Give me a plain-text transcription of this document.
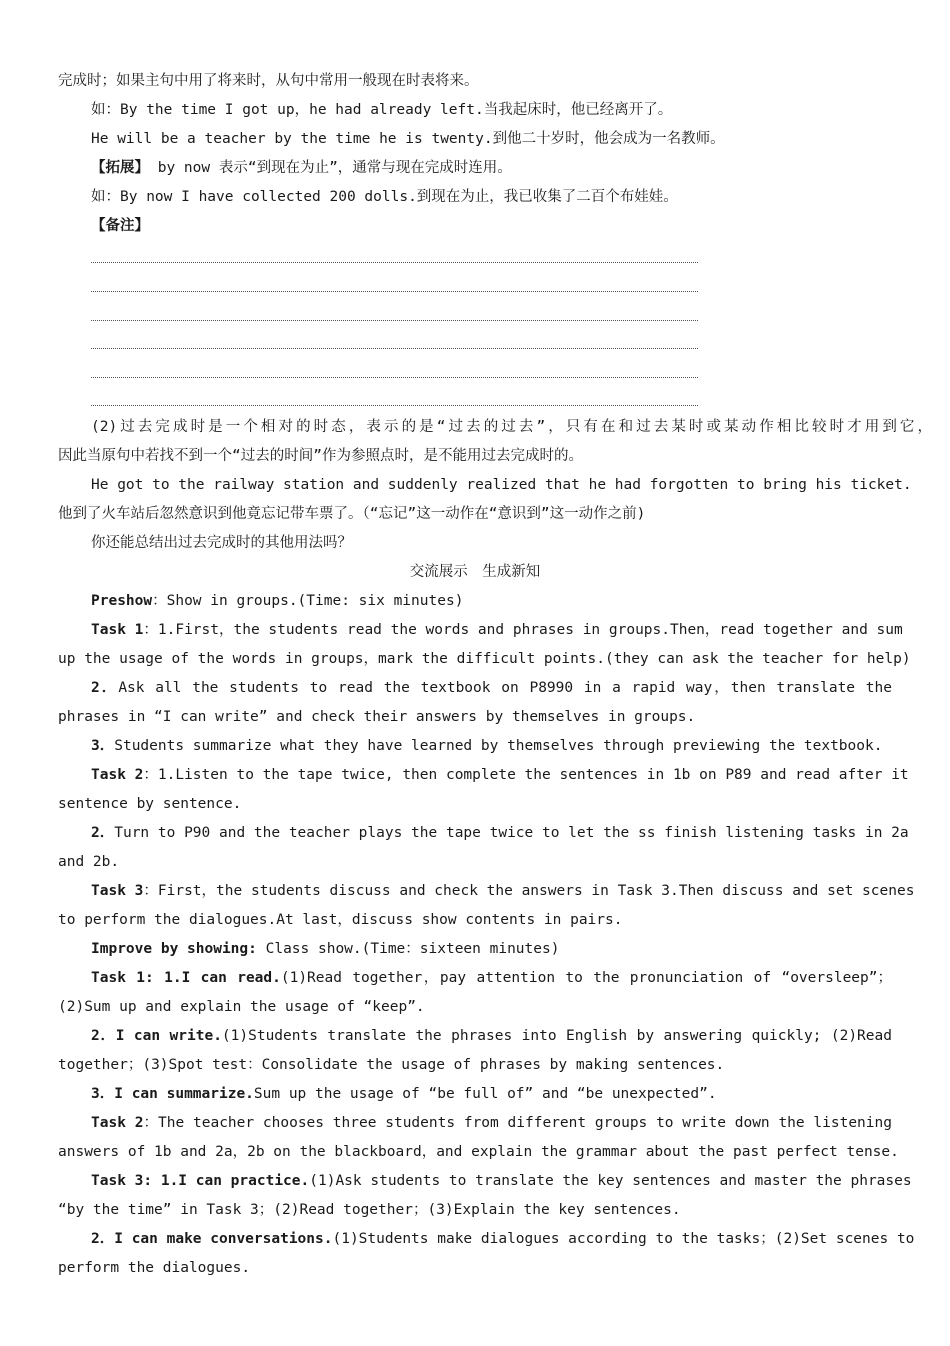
完成时；如果主句中用了将来时，从句中常用一般现在时表将来。
如：By the time I got up，he had already left.当我起床时，他已经离开了。
He will be a teacher by the time he is twenty.到他二十岁时，他会成为一名教师。
【拓展】 by now 表示“到现在为止”，通常与现在完成时连用。
如：By now I have collected 200 dolls.到现在为止，我已收集了二百个布娃娃。
【备注】
(2)过去完成时是一个相对的时态，表示的是“过去的过去”，只有在和过去某时或某动作相比较时才用到它，
因此当原句中若找不到一个“过去的时间”作为参照点时，是不能用过去完成时的。
He got to the railway station and suddenly realized that he had forgotten to bring his ticket.
他到了火车站后忽然意识到他竟忘记带车票了。（“忘记”这一动作在“意识到”这一动作之前)
你还能总结出过去完成时的其他用法吗？
交流展示　生成新知
Preshow：Show in groups.(Time: six minutes)
Task 1：1.First，the students read the words and phrases in groups.Then，read together and sum
up the usage of the words in groups，mark the difficult points.(they can ask the teacher for help)
2．Ask all the students to read the textbook on P8990 in a rapid way，then translate the
phrases in “I can write” and check their answers by themselves in groups.
3．Students summarize what they have learned by themselves through previewing the textbook.
Task 2：1.Listen to the tape twice, then complete the sentences in 1b on P89 and read after it
sentence by sentence.
2．Turn to P90 and the teacher plays the tape twice to let the ss finish listening tasks in 2a
and 2b.
Task 3：First，the students discuss and check the answers in Task 3.Then discuss and set scenes
to perform the dialogues.At last，discuss show contents in pairs.
Improve by showing: Class show.(Time：sixteen minutes)
Task 1: 1.I can read.(1)Read together，pay attention to the pronunciation of “oversleep”；
(2)Sum up and explain the usage of “keep”.
2．I can write.(1)Students translate the phrases into English by answering quickly; (2)Read
together；(3)Spot test：Consolidate the usage of phrases by making sentences.
3．I can summarize.Sum up the usage of “be full of” and “be unexpected”.
Task 2：The teacher chooses three students from different groups to write down the listening
answers of 1b and 2a，2b on the blackboard，and explain the grammar about the past perfect tense.
Task 3: 1.I can practice.(1)Ask students to translate the key sentences and master the phrases
“by the time” in Task 3；(2)Read together；(3)Explain the key sentences.
2．I can make conversations.(1)Students make dialogues according to the tasks；(2)Set scenes to
perform the dialogues.
